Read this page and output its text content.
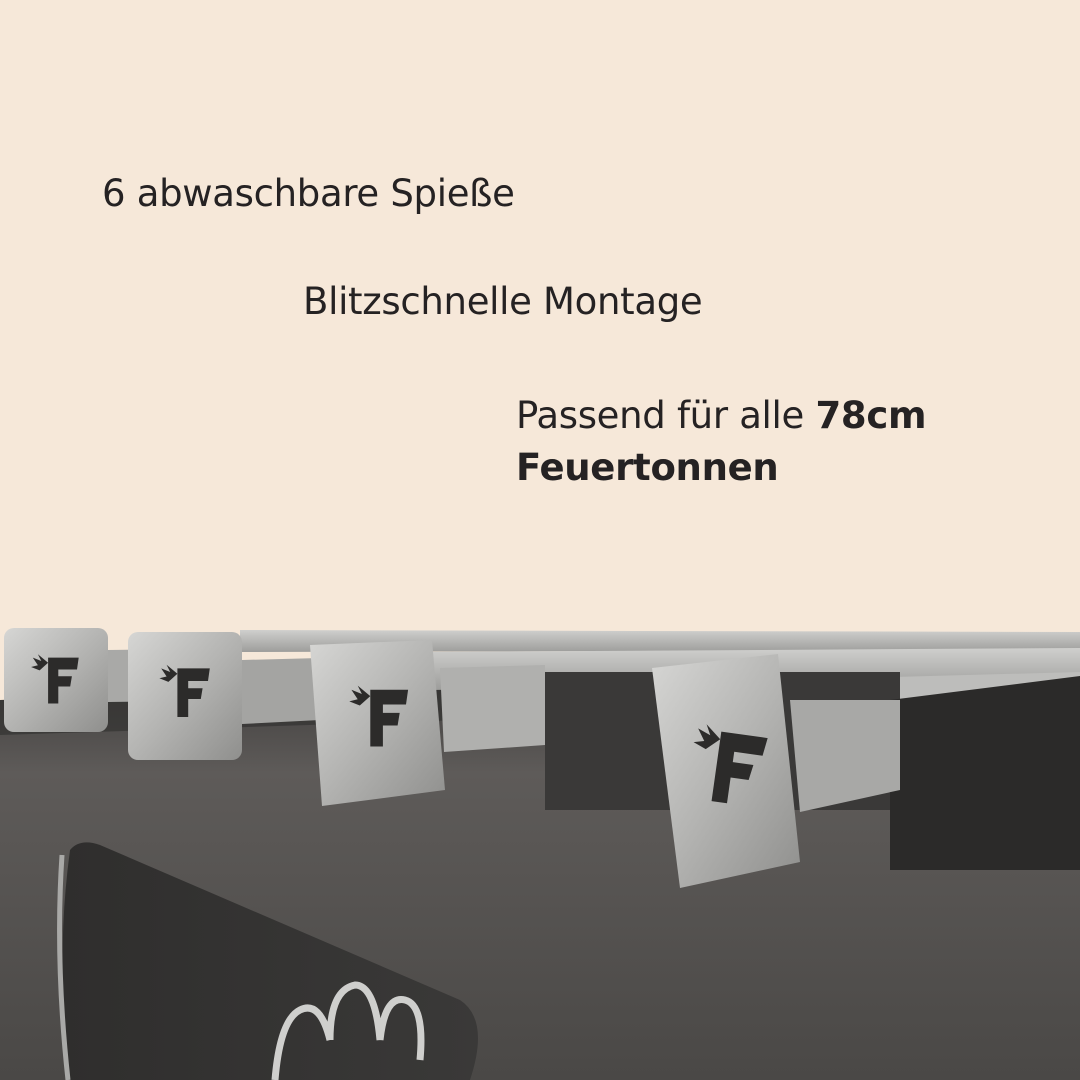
6 abwaschbare Spieße
Blitzschnelle Montage
Passend für alle 78cm
Feuertonnen
